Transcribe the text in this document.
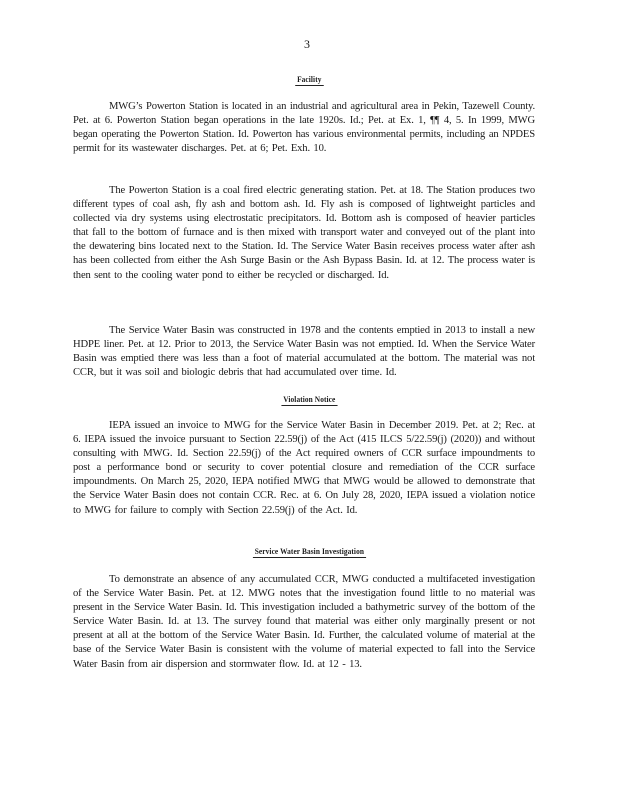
3
Facility

MWG’s Powerton Station is located in an industrial and agricultural area in Pekin, Tazewell County. Pet. at 6. Powerton Station began operations in the late 1920s. Id.; Pet. at Ex. 1, ¶¶ 4, 5. In 1999, MWG began operating the Powerton Station. Id. Powerton has various environmental permits, including an NPDES permit for its wastewater discharges. Pet. at 6; Pet. Exh. 10.

The Powerton Station is a coal fired electric generating station. Pet. at 18. The Station produces two different types of coal ash, fly ash and bottom ash. Id. Fly ash is composed of lightweight particles and collected via dry systems using electrostatic precipitators. Id. Bottom ash is composed of heavier particles that fall to the bottom of furnace and is then mixed with transport water and conveyed out of the plant into the dewatering bins located next to the Station. Id. The Service Water Basin receives process water after ash has been collected from either the Ash Surge Basin or the Ash Bypass Basin. Id. at 12. The process water is then sent to the cooling water pond to either be recycled or discharged. Id.

The Service Water Basin was constructed in 1978 and the contents emptied in 2013 to install a new HDPE liner. Pet. at 12. Prior to 2013, the Service Water Basin was not emptied. Id. When the Service Water Basin was emptied there was less than a foot of material accumulated at the bottom. The material was not CCR, but it was soil and biologic debris that had accumulated over time. Id.

Violation Notice

IEPA issued an invoice to MWG for the Service Water Basin in December 2019. Pet. at 2; Rec. at 6. IEPA issued the invoice pursuant to Section 22.59(j) of the Act (415 ILCS 5/22.59(j) (2020)) and without consulting with MWG. Id. Section 22.59(j) of the Act required owners of CCR surface impoundments to post a performance bond or security to cover potential closure and remediation of the CCR surface impoundments. On March 25, 2020, IEPA notified MWG that MWG would be allowed to demonstrate that the Service Water Basin does not contain CCR. Rec. at 6. On July 28, 2020, IEPA issued a violation notice to MWG for failure to comply with Section 22.59(j) of the Act. Id.

Service Water Basin Investigation

To demonstrate an absence of any accumulated CCR, MWG conducted a multifaceted investigation of the Service Water Basin. Pet. at 12. MWG notes that the investigation found little to no material was present in the Service Water Basin. Id. This investigation included a bathymetric survey of the bottom of the Service Water Basin. Id. at 13. The survey found that material was either only marginally present or not present at all at the bottom of the Service Water Basin. Id. Further, the calculated volume of material at the base of the Service Water Basin is consistent with the volume of material expected to fall into the Service Water Basin from air dispersion and stormwater flow. Id. at 12 - 13.
